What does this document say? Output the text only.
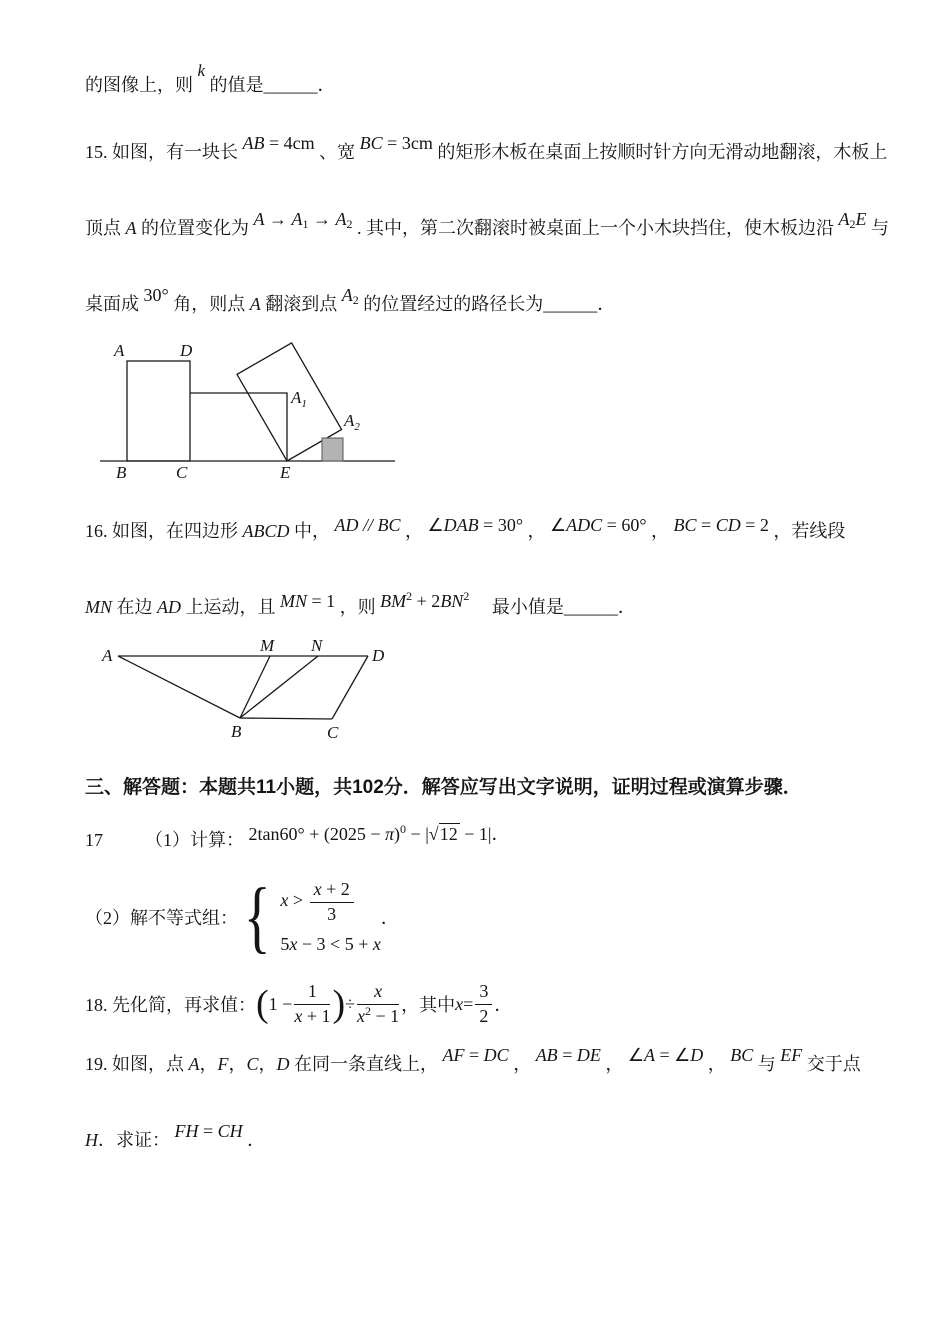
的图像上，则 k 的值是______．
15. 如图，有一块长 AB = 4cm 、宽 BC = 3cm 的矩形木板在桌面上按顺时针方向无滑动地翻滚，木板上
顶点 A 的位置变化为 $A \to A_1 \to A_2$ . 其中，第二次翻滚时被桌面上一个小木块挡住，使木板边沿 $A_2E$ 与
桌面成 30° 角，则点 A 翻滚到点 $A_2$ 的位置经过的路径长为______．
A	D
B	C	E
$A_1$
$A_2$
16. 如图，在四边形 ABCD 中， AD // BC ， ∠DAB = 30° ， ∠ADC = 60° ， BC = CD = 2 ，若线段
MN 在边 AD 上运动，且 MN = 1 ，则 $BM^2 + 2BN^2$ 　最小值是______．
A
M N
D
B	C
三、解答题：本题共11小题，共102分．解答应写出文字说明，证明过程或演算步骤．
17 （1）计算： $2\tan 60^\circ + (2025 - \pi)^0 - |√12 - 1|$．
（2）解不等式组： { $x > \frac{x + 2}{3}$
5x − 3 < 5 + x
．
18. 先化简，再求值： ( $1 - \frac{1}{x + 1}$ ) ÷ $\frac{x}{x^2 - 1}$ ，其中 $x = \frac{3}{2}$ ．
19. 如图，点 A，F，C，D 在同一条直线上， AF = DC ， AB = DE ， ∠A = ∠D ， BC 与 EF 交于点
H．求证： FH = CH ．
